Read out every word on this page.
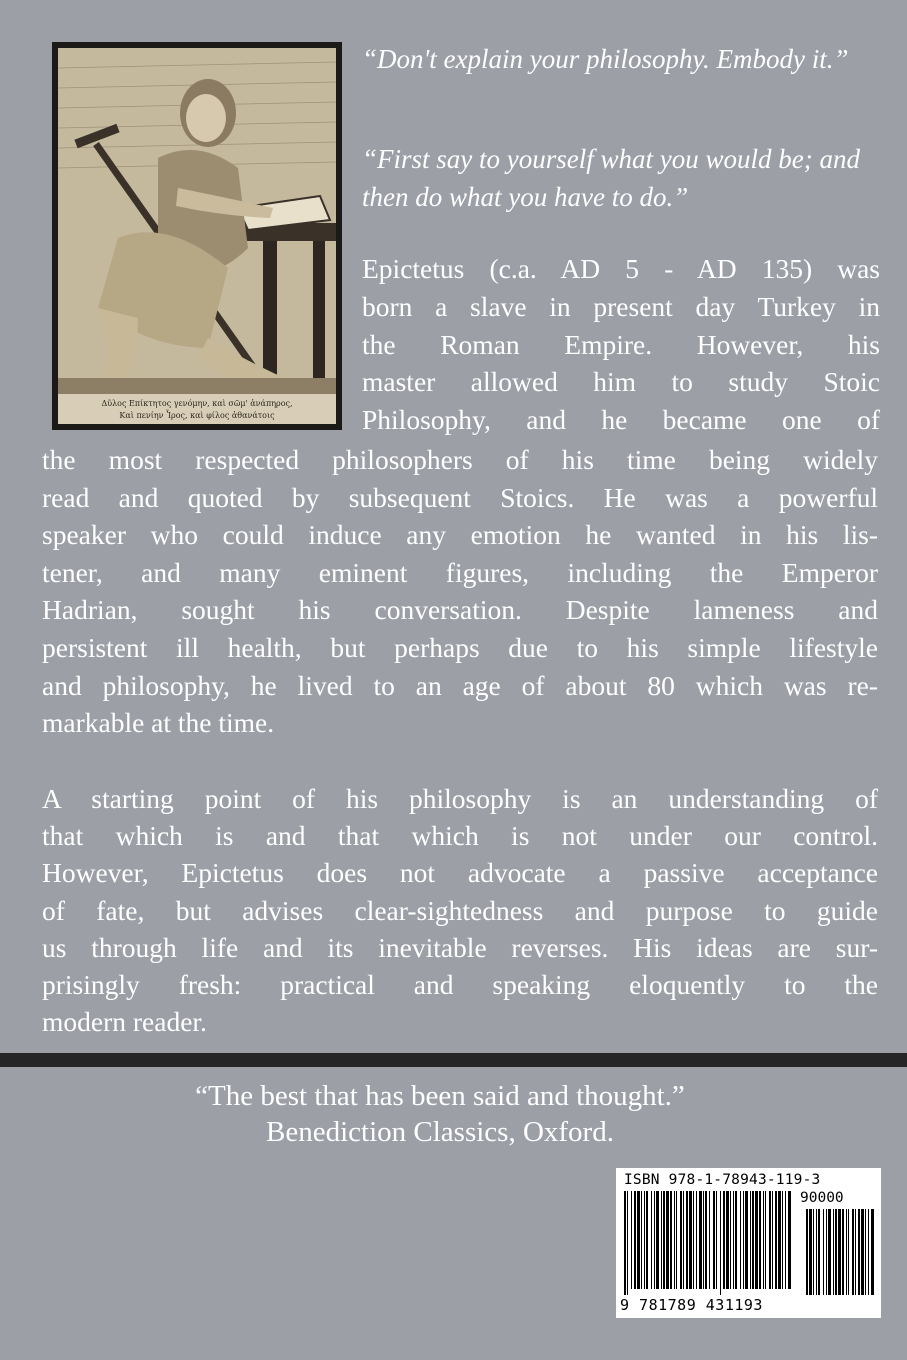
Δῦλος Επίκτητος γενόμην, καὶ σῶμ' ἀνάπηρος,
Καὶ πενίην Ἶρος, καὶ φίλος ἀθανάτοις
“Don't explain your philosophy. Embody it.”
“First say to yourself what you would be; and then do what you have to do.”
Epictetus (c.a. AD 5 - AD 135) was
born a slave in present day Turkey in
the Roman Empire. However, his
master allowed him to study Stoic
Philosophy, and he became one of
the most respected philosophers of his time being widely
read and quoted by subsequent Stoics. He was a powerful
speaker who could induce any emotion he wanted in his lis-
tener, and many eminent figures, including the Emperor
Hadrian, sought his conversation. Despite lameness and
persistent ill health, but perhaps due to his simple lifestyle
and philosophy, he lived to an age of about 80 which was re-
markable at the time.
A starting point of his philosophy is an understanding of
that which is and that which is not under our control.
However, Epictetus does not advocate a passive acceptance
of fate, but advises clear-sightedness and purpose to guide
us through life and its inevitable reverses. His ideas are sur-
prisingly fresh: practical and speaking eloquently to the
modern reader.
“The best that has been said and thought.”
Benediction Classics, Oxford.
ISBN 978-1-78943-119-3
90000
9 781789 431193
